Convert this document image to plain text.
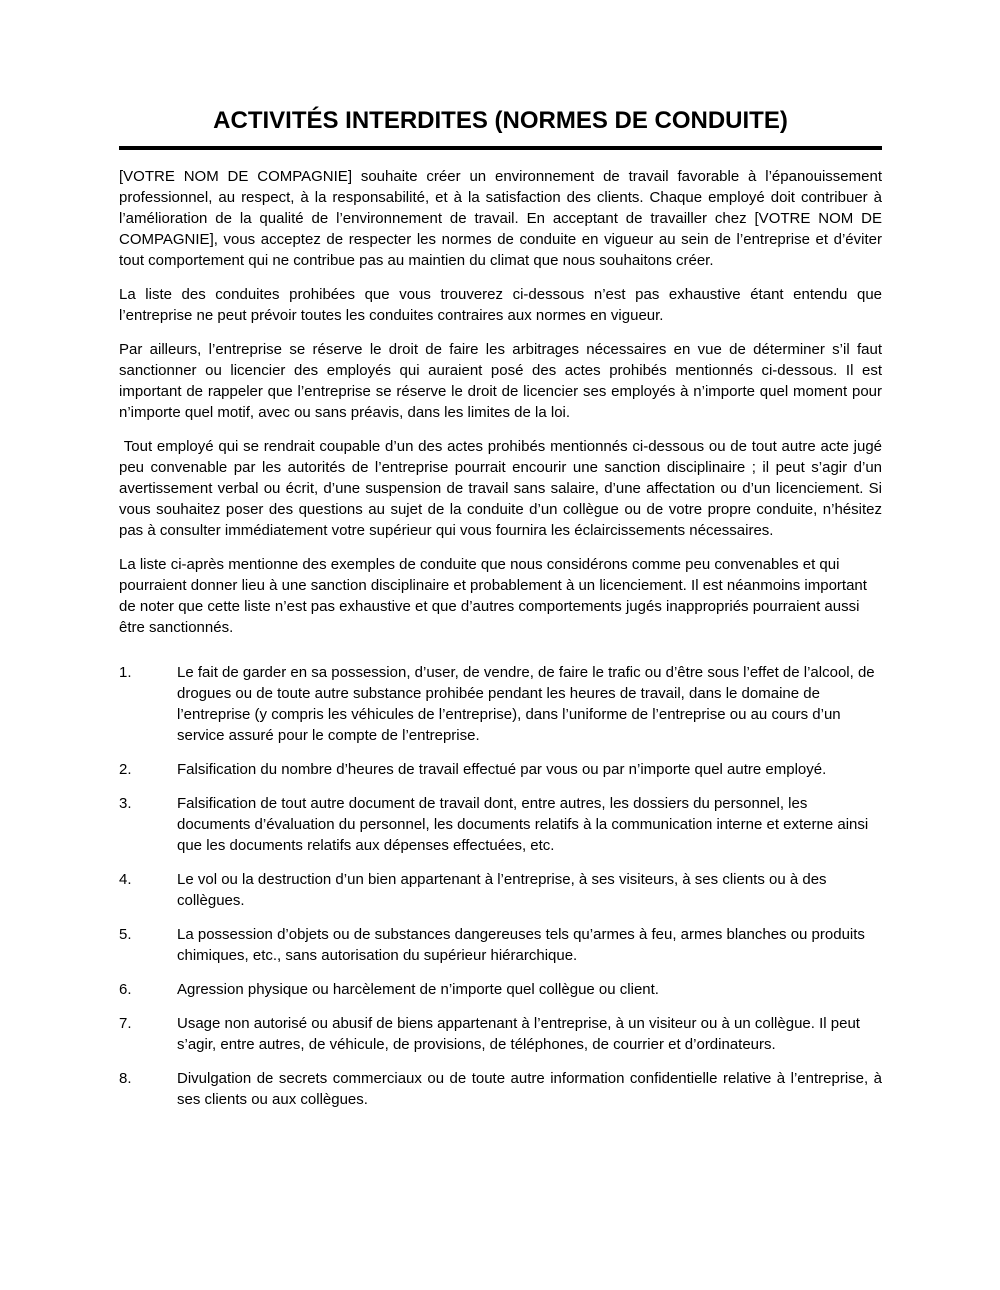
ACTIVITÉS INTERDITES (NORMES DE CONDUITE)

[VOTRE NOM DE COMPAGNIE] souhaite créer un environnement de travail favorable à l’épanouissement professionnel, au respect, à la responsabilité, et à la satisfaction des clients. Chaque employé doit contribuer à l’amélioration de la qualité de l’environnement de travail. En acceptant de travailler chez [VOTRE NOM DE COMPAGNIE], vous acceptez de respecter les normes de conduite en vigueur au sein de l’entreprise et d’éviter tout comportement qui ne contribue pas au maintien du climat que nous souhaitons créer.

La liste des conduites prohibées que vous trouverez ci-dessous n’est pas exhaustive étant entendu que l’entreprise ne peut prévoir toutes les conduites contraires aux normes en vigueur.

Par ailleurs, l’entreprise se réserve le droit de faire les arbitrages nécessaires en vue de déterminer s’il faut sanctionner ou licencier des employés qui auraient posé des actes prohibés mentionnés ci-dessous. Il est important de rappeler que l’entreprise se réserve le droit de licencier ses employés à n’importe quel moment pour n’importe quel motif, avec ou sans préavis, dans les limites de la loi.

Tout employé qui se rendrait coupable d’un des actes prohibés mentionnés ci-dessous ou de tout autre acte jugé peu convenable par les autorités de l’entreprise pourrait encourir une sanction disciplinaire ; il peut s’agir d’un avertissement verbal ou écrit, d’une suspension de travail sans salaire, d’une affectation ou d’un licenciement. Si vous souhaitez poser des questions au sujet de la conduite d’un collègue ou de votre propre conduite, n’hésitez pas à consulter immédiatement votre supérieur qui vous fournira les éclaircissements nécessaires.

La liste ci-après mentionne des exemples de conduite que nous considérons comme peu convenables et qui pourraient donner lieu à une sanction disciplinaire et probablement à un licenciement. Il est néanmoins important de noter que cette liste n’est pas exhaustive et que d’autres comportements jugés inappropriés pourraient aussi être sanctionnés.

1.	Le fait de garder en sa possession, d’user, de vendre, de faire le trafic ou d’être sous l’effet de l’alcool, de drogues ou de toute autre substance prohibée pendant les heures de travail, dans le domaine de l’entreprise (y compris les véhicules de l’entreprise), dans l’uniforme de l’entreprise ou au cours d’un service assuré pour le compte de l’entreprise.
2.	Falsification du nombre d’heures de travail effectué par vous ou par n’importe quel autre employé.
3.	Falsification de tout autre document de travail dont, entre autres, les dossiers du personnel, les documents d’évaluation du personnel, les documents relatifs à la communication interne et externe ainsi que les documents relatifs aux dépenses effectuées, etc.
4.	Le vol ou la destruction d’un bien appartenant à l’entreprise, à ses visiteurs, à ses clients ou à des collègues.
5.	La possession d’objets ou de substances dangereuses tels qu’armes à feu, armes blanches ou produits chimiques, etc., sans autorisation du supérieur hiérarchique.
6.	Agression physique ou harcèlement de n’importe quel collègue ou client.
7.	Usage non autorisé ou abusif de biens appartenant à l’entreprise, à un visiteur ou à un collègue. Il peut s’agir, entre autres, de véhicule, de provisions, de téléphones, de courrier et d’ordinateurs.
8.	Divulgation de secrets commerciaux ou de toute autre information confidentielle relative à l’entreprise, à ses clients ou aux collègues.
